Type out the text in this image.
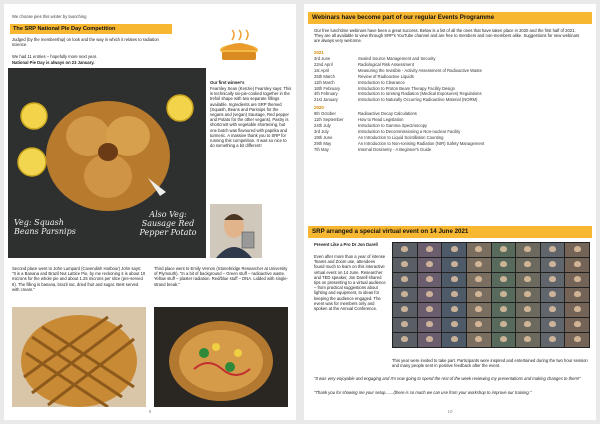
We choose pies this winter by launching
The SRP National Pie Day Competition
Judged (by the membership) on look and the way in which it relates to radiation science.
We had 11 entries – hopefully more next year.
National Pie Day is always on 23 January.
Veg: Squash Beans Parsnips
Also Veg: Sausage Red Pepper Potato
Our first winner's
Fearnley Sean (Kenzie) Fearnley says: This is technically six-pie-cooked together in the trefoil shape with two separate fillings available. Ingredients are SRP themed (Squash, Beans and Parsnips for the vegans and (vegan) Sausage, Red pepper and Potato for the other vegans). Pastry is shortcrust with vegetable shortening, but one batch was flavoured with paprika and turmeric. A massive thank you to SRP for running this competition. It was so nice to do something a bit different!
Second place went to John Lumpard (Cavendish Harbour) John says: "It is a Banana and Brazil Nut Lattice Pie, by me reckoning it is about 10 microns for the whole pie and about 1.25 microns per slice (pre-served 8). The filling is banana, brazil nut, dried fruit and sugar. Best served with cream."
Third place went to Emily Vernon (Stonebridge Researcher at University of Plymouth). "In a bit of background – Green stuff – radioactive waste. Yellow stuff – plaster radiation. Red/blue stuff – DNA. Lidded with single-strand break."
9
Webinars have become part of our regular Events Programme
Our free lunchtime webinars have been a great success. Below is a list of all the ones that have taken place in 2020 and the first half of 2021. They are all available to view through SRP's YouTube channel and are free to members and non-members alike. Suggestions for new webinars are always very welcome.
2021
3rd June	Sealed Source Management and Security
22nd April	Radiological Risk Assessment
1st April	Measuring the Invisible - Activity Assessment of Radioactive Waste
25th March	Review of Radioactive Liquids
11th March	Introduction to Clearance
18th February	Introduction to Proton Beam Therapy Facility Design
4th February	Introduction to Ionising Radiation (Medical Exposures) Regulations
21st January	Introduction to Naturally Occurring Radioactive Material (NORM)
2020
9th October	Radioactive Decay Calculations
11th September	How to Read Legislation
24th July	Introduction to Gamma Spectroscopy
3rd July	Introduction to Decommissioning a Non-nuclear Facility
19th June	An Introduction to Liquid Scintillation Counting
29th May	An Introduction to Non-Ionising Radiation (NIR) Safety Management
7th May	Internal Dosimetry - A Beginner's Guide
SRP arranged a special virtual event on 14 June 2021
Prevent Like a Pro Dr Jon Darell
Even after more than a year of intense Teams and Zoom use, attendees found much to learn on this interactive virtual event on 14 June. Researcher and TED speaker, Jon Darell shared tips on presenting to a virtual audience – from practical suggestions about lighting and equipment, to ideas for keeping the audience engaged. The event was for members only and spoken at the Annual Conference.
This year were invited to take part. Participants were inspired and entertained during the two hour session and many people sent in positive feedback after the event.
"It was very enjoyable and engaging and I'm now going to spend the rest of the week reviewing my presentations and making changes to them!"
"Thank you for showing me your setup.......(there is so much we can use from your workshop to improve our training."
10
